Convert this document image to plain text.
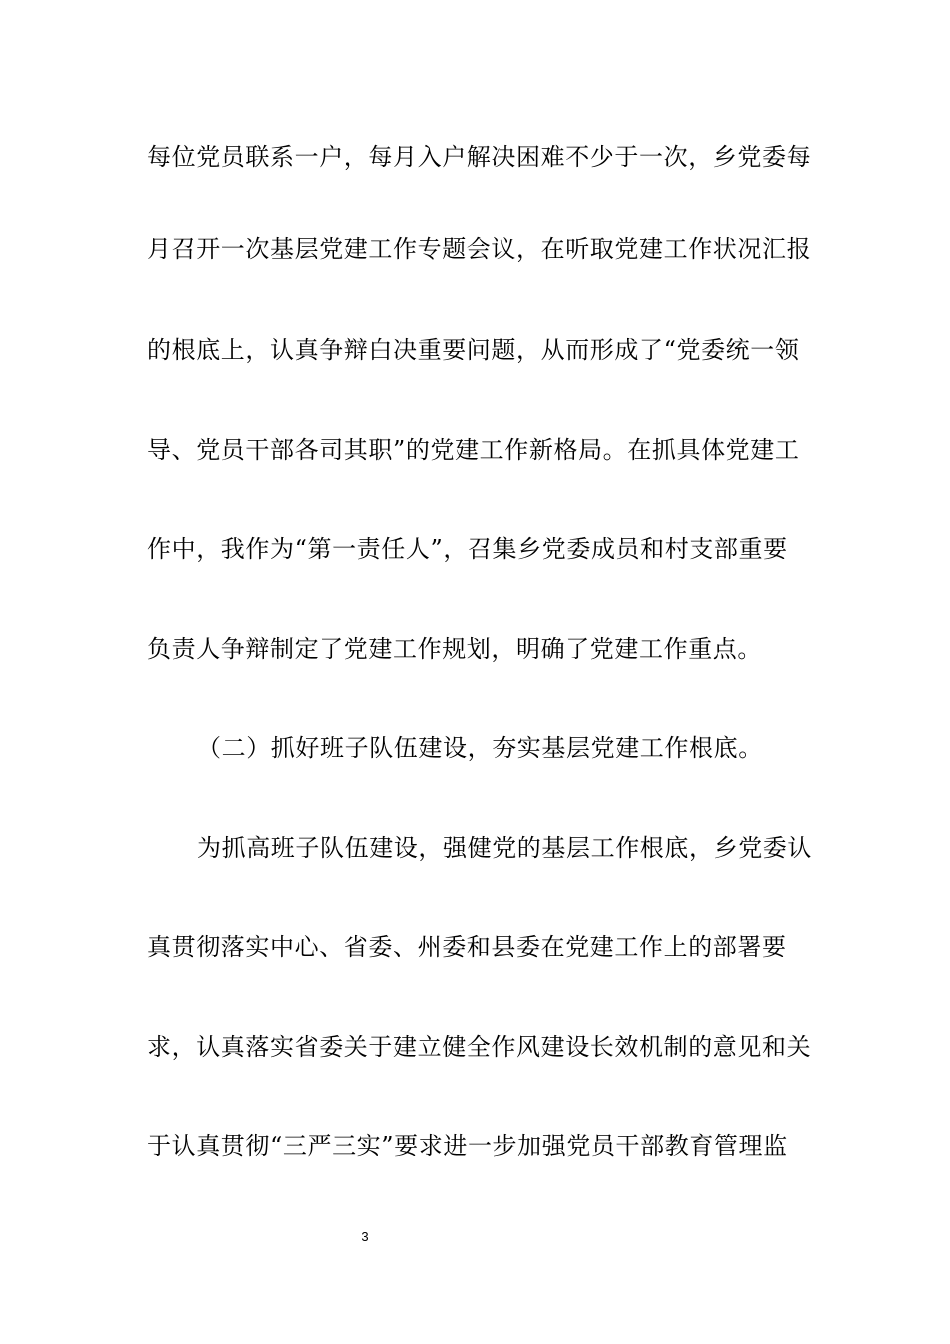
每位党员联系一户，每月入户解决困难不少于一次，乡党委每
月召开一次基层党建工作专题会议，在听取党建工作状况汇报
的根底上，认真争辩白决重要问题，从而形成了“党委统一领
导、党员干部各司其职”的党建工作新格局。在抓具体党建工
作中，我作为“第一责任人”，召集乡党委成员和村支部重要
负责人争辩制定了党建工作规划，明确了党建工作重点。
（二）抓好班子队伍建设，夯实基层党建工作根底。
为抓高班子队伍建设，强健党的基层工作根底，乡党委认
真贯彻落实中心、省委、州委和县委在党建工作上的部署要
求，认真落实省委关于建立健全作风建设长效机制的意见和关
于认真贯彻“三严三实”要求进一步加强党员干部教育管理监
3
